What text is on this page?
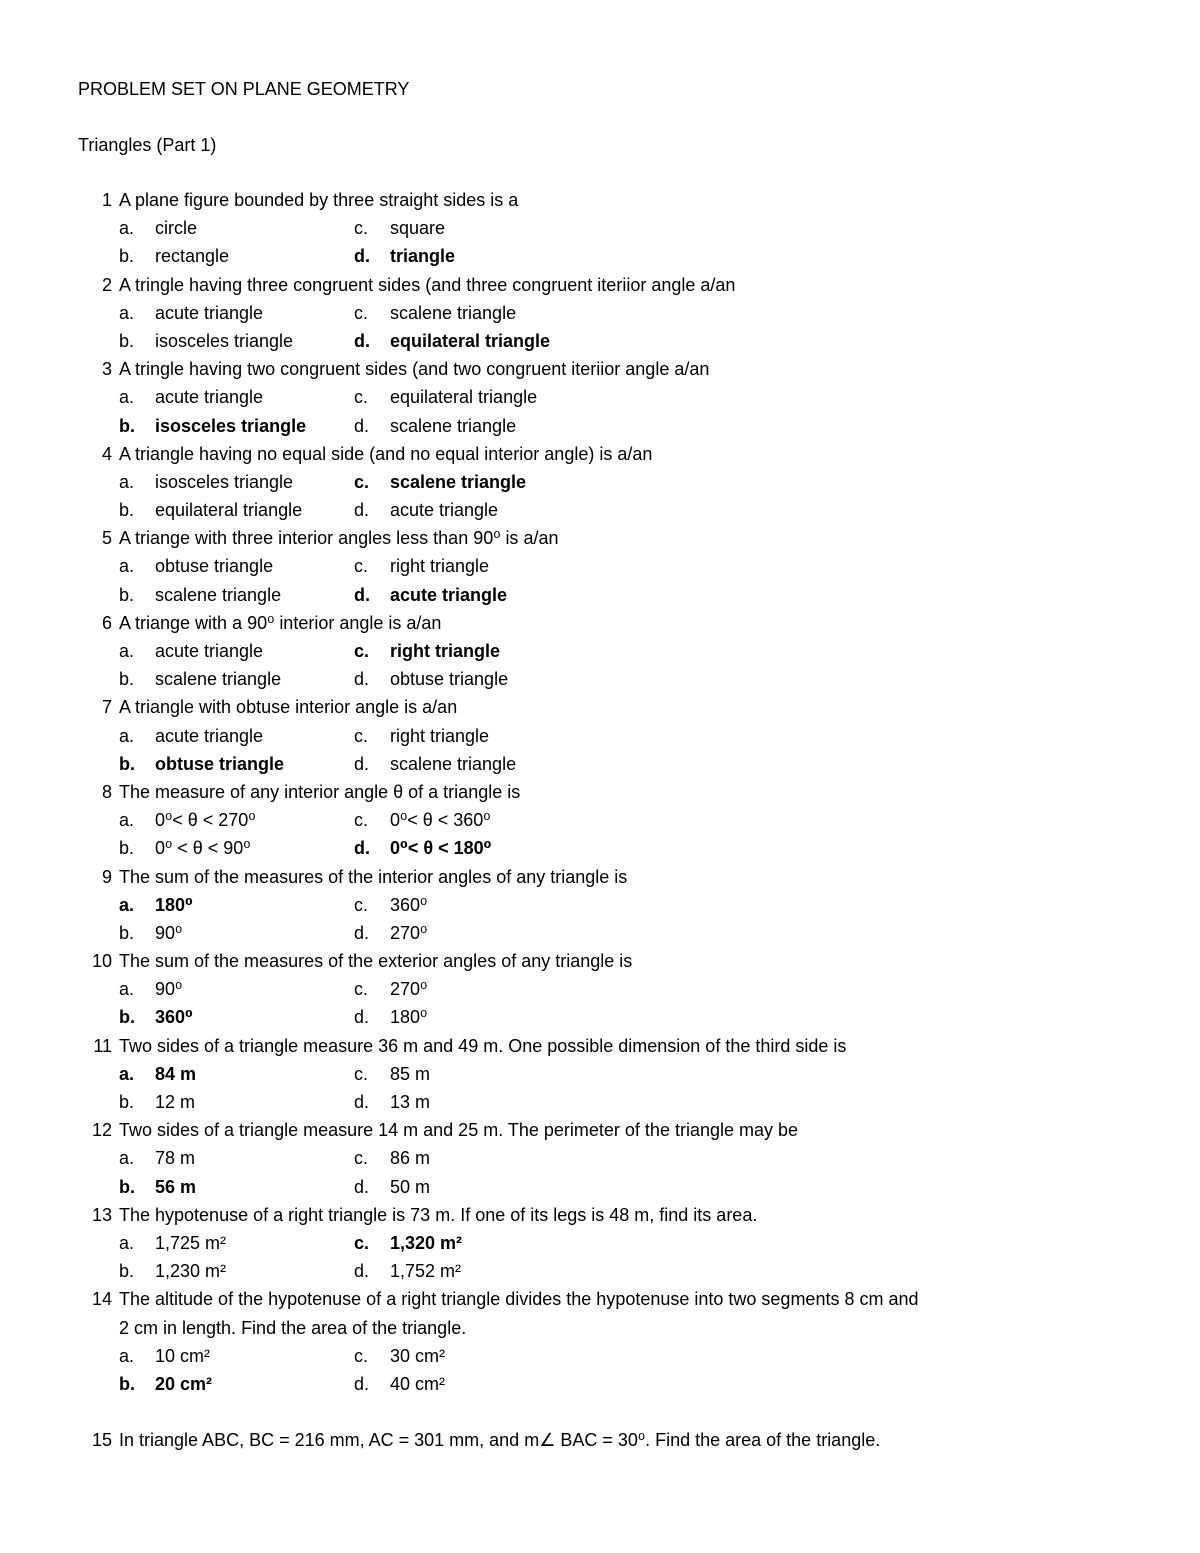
PROBLEM SET ON PLANE GEOMETRY
Triangles (Part 1)
1 A plane figure bounded by three straight sides is a
a. circle	c. square
b. rectangle	d. triangle
2 A tringle having three congruent sides (and three congruent iteriior angle a/an
a. acute triangle	c. scalene triangle
b. isosceles triangle	d. equilateral triangle
3 A tringle having two congruent sides (and two congruent iteriior angle a/an
a. acute triangle	c. equilateral triangle
b. isosceles triangle	d. scalene triangle
4 A triangle having no equal side (and no equal interior angle) is a/an
a. isosceles triangle	c. scalene triangle
b. equilateral triangle	d. acute triangle
5 A triange with three interior angles less than 90⁰ is a/an
a. obtuse triangle	c. right triangle
b. scalene triangle	d. acute triangle
6 A triange with a 90⁰ interior angle is a/an
a. acute triangle	c. right triangle
b. scalene triangle	d. obtuse triangle
7 A triangle with obtuse interior angle is a/an
a. acute triangle	c. right triangle
b. obtuse triangle	d. scalene triangle
8 The measure of any interior angle θ of a triangle is
a. 0⁰< θ < 270⁰	c. 0⁰< θ < 360⁰
b. 0⁰ < θ < 90⁰	d. 0⁰< θ < 180⁰
9 The sum of the measures of the interior angles of any triangle is
a. 180⁰	c. 360⁰
b. 90⁰	d. 270⁰
10 The sum of the measures of the exterior angles of any triangle is
a. 90⁰	c. 270⁰
b. 360⁰	d. 180⁰
11 Two sides of a triangle measure 36 m and 49 m. One possible dimension of the third side is
a. 84 m	c. 85 m
b. 12 m	d. 13 m
12 Two sides of a triangle measure 14 m and 25 m. The perimeter of the triangle may be
a. 78 m	c. 86 m
b. 56 m	d. 50 m
13 The hypotenuse of a right triangle is 73 m. If one of its legs is 48 m, find its area.
a. 1,725 m²	c. 1,320 m²
b. 1,230 m²	d. 1,752 m²
14 The altitude of the hypotenuse of a right triangle divides the hypotenuse into two segments 8 cm and
2 cm in length. Find the area of the triangle.
a. 10 cm²	c. 30 cm²
b. 20 cm²	d. 40 cm²
15 In triangle ABC, BC = 216 mm, AC = 301 mm, and m∠ BAC = 30⁰. Find the area of the triangle.
